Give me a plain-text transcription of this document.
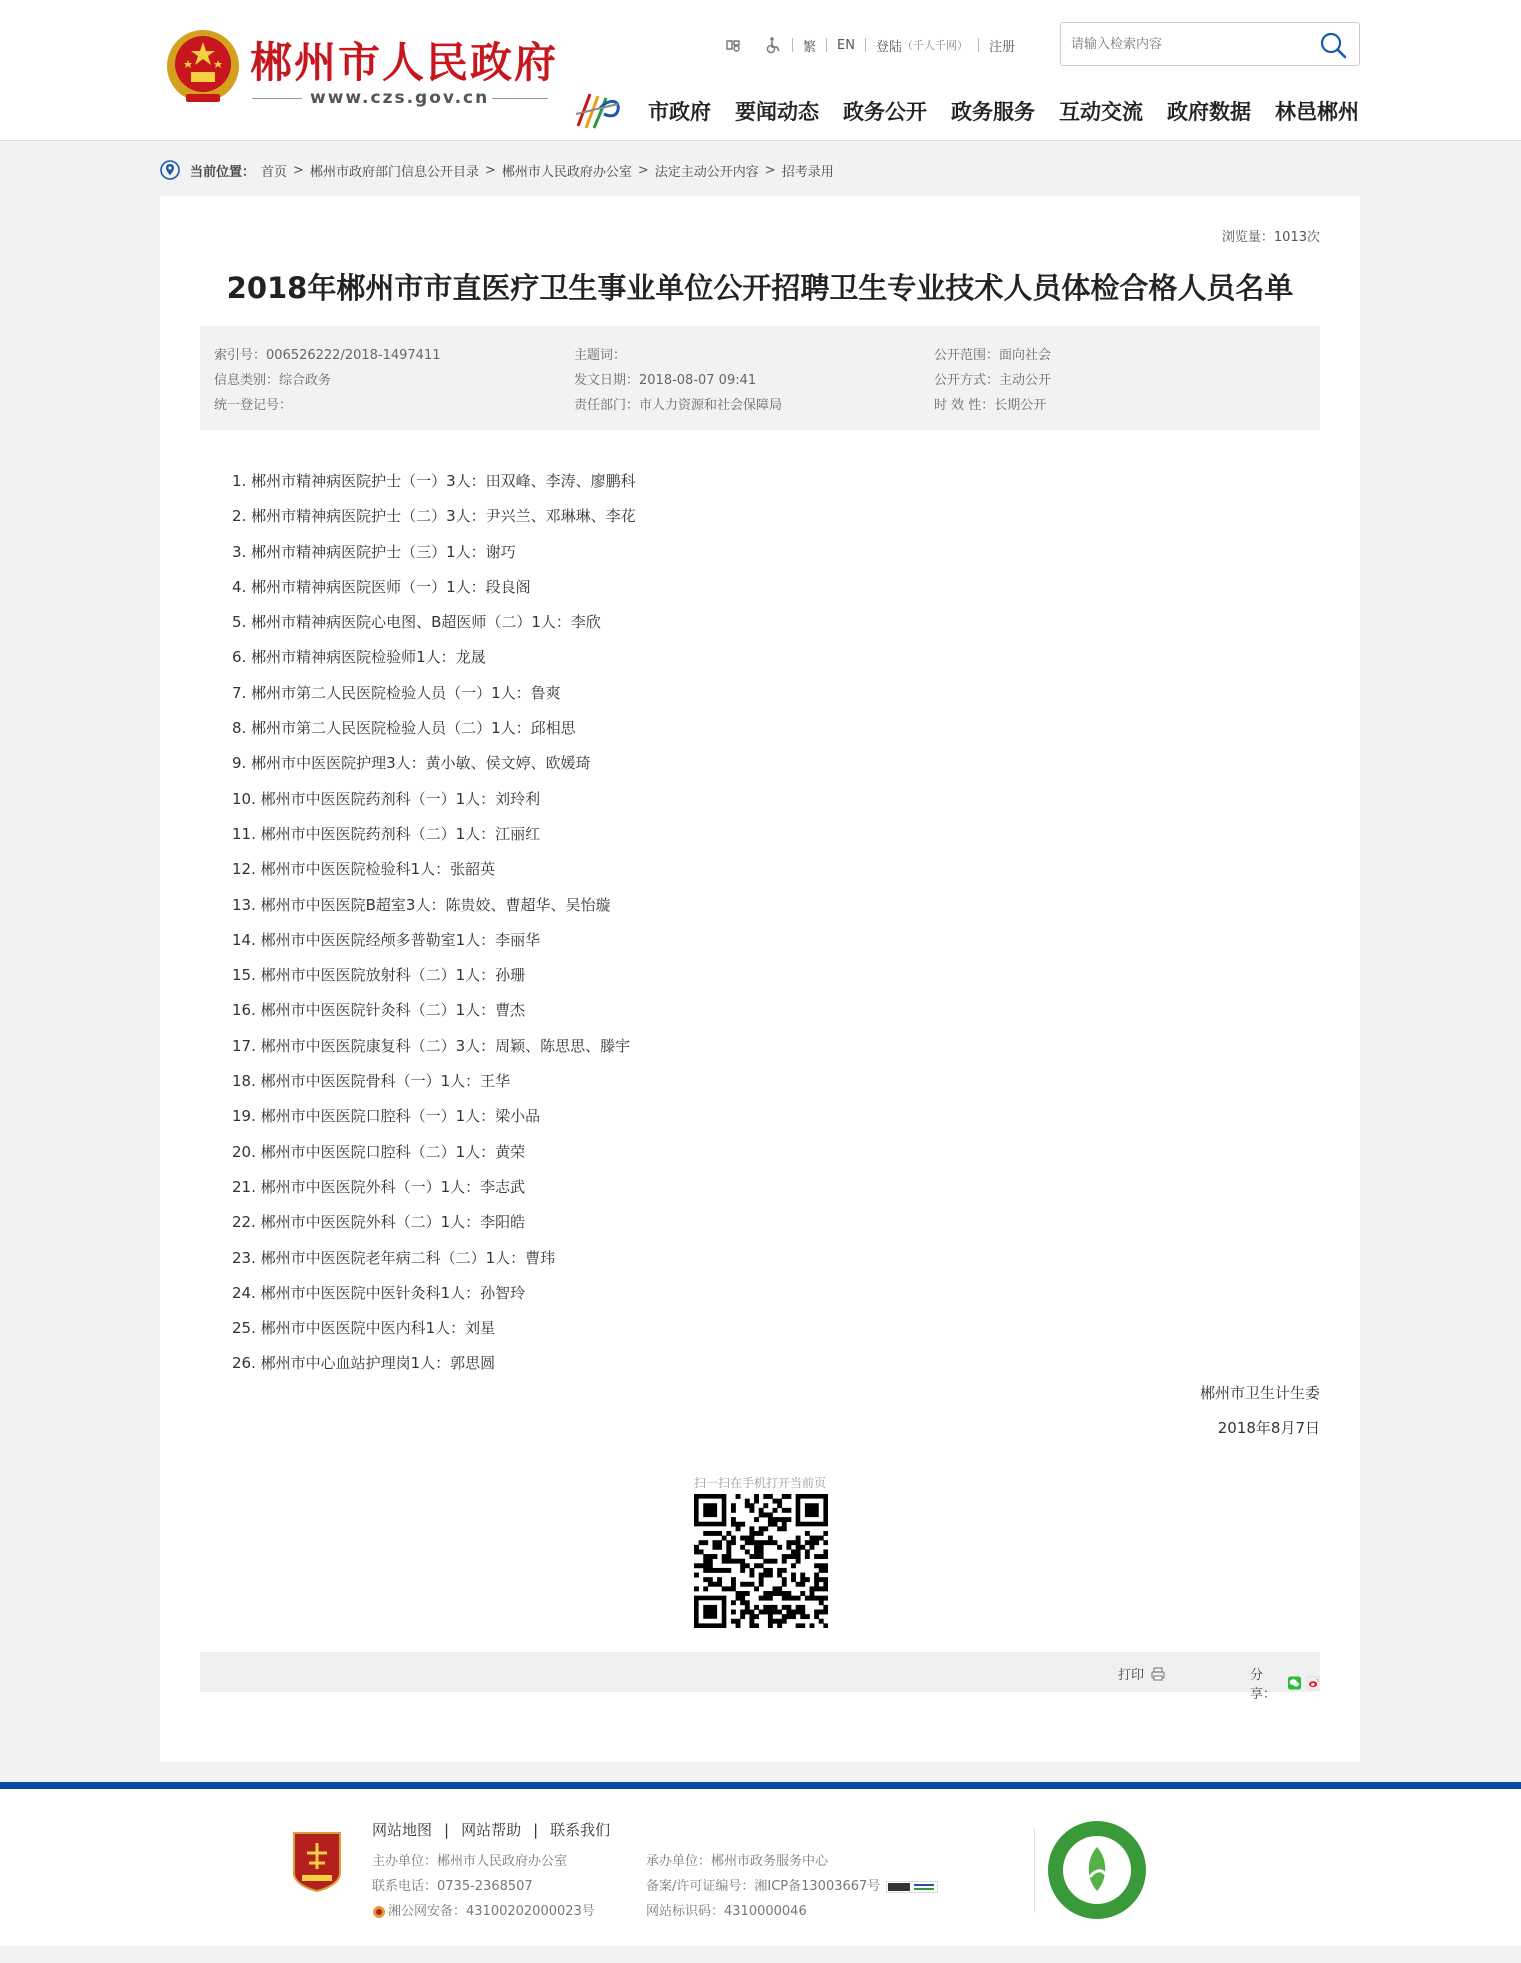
郴州市人民政府
www.czs.gov.cn
繁 EN 登陆 （千人千网） 注册
请输入检索内容
市政府 要闻动态 政务公开 政务服务 互动交流 政府数据 林邑郴州
当前位置： 首页 > 郴州市政府部门信息公开目录 > 郴州市人民政府办公室 > 法定主动公开内容 > 招考录用
浏览量：1013次
2018年郴州市市直医疗卫生事业单位公开招聘卫生专业技术人员体检合格人员名单
索引号：006526222/2018-1497411
信息类别：综合政务
统一登记号：
主题词：
发文日期：2018-08-07 09:41
责任部门：市人力资源和社会保障局
公开范围：面向社会
公开方式：主动公开
时 效 性：长期公开
1. 郴州市精神病医院护士（一）3人：田双峰、李涛、廖鹏科
2. 郴州市精神病医院护士（二）3人：尹兴兰、邓琳琳、李花
3. 郴州市精神病医院护士（三）1人：谢巧
4. 郴州市精神病医院医师（一）1人：段良阁
5. 郴州市精神病医院心电图、B超医师（二）1人：李欣
6. 郴州市精神病医院检验师1人：龙晟
7. 郴州市第二人民医院检验人员（一）1人：鲁爽
8. 郴州市第二人民医院检验人员（二）1人：邱相思
9. 郴州市中医医院护理3人：黄小敏、侯文婷、欧媛琦
10. 郴州市中医医院药剂科（一）1人：刘玲利
11. 郴州市中医医院药剂科（二）1人：江丽红
12. 郴州市中医医院检验科1人：张韶英
13. 郴州市中医医院B超室3人：陈贵姣、曹超华、吴怡璇
14. 郴州市中医医院经颅多普勒室1人：李丽华
15. 郴州市中医医院放射科（二）1人：孙珊
16. 郴州市中医医院针灸科（二）1人：曹杰
17. 郴州市中医医院康复科（二）3人：周颖、陈思思、滕宇
18. 郴州市中医医院骨科（一）1人：王华
19. 郴州市中医医院口腔科（一）1人：梁小品
20. 郴州市中医医院口腔科（二）1人：黄荣
21. 郴州市中医医院外科（一）1人：李志武
22. 郴州市中医医院外科（二）1人：李阳皓
23. 郴州市中医医院老年病二科（二）1人：曹玮
24. 郴州市中医医院中医针灸科1人：孙智玲
25. 郴州市中医医院中医内科1人：刘星
26. 郴州市中心血站护理岗1人：郭思圆
郴州市卫生计生委
2018年8月7日
扫一扫在手机打开当前页
打印	分享：
网站地图 | 网站帮助 | 联系我们
主办单位：郴州市人民政府办公室
联系电话：0735-2368507
湘公网安备：43100202000023号
承办单位：郴州市政务服务中心
备案/许可证编号：湘ICP备13003667号
网站标识码：4310000046
